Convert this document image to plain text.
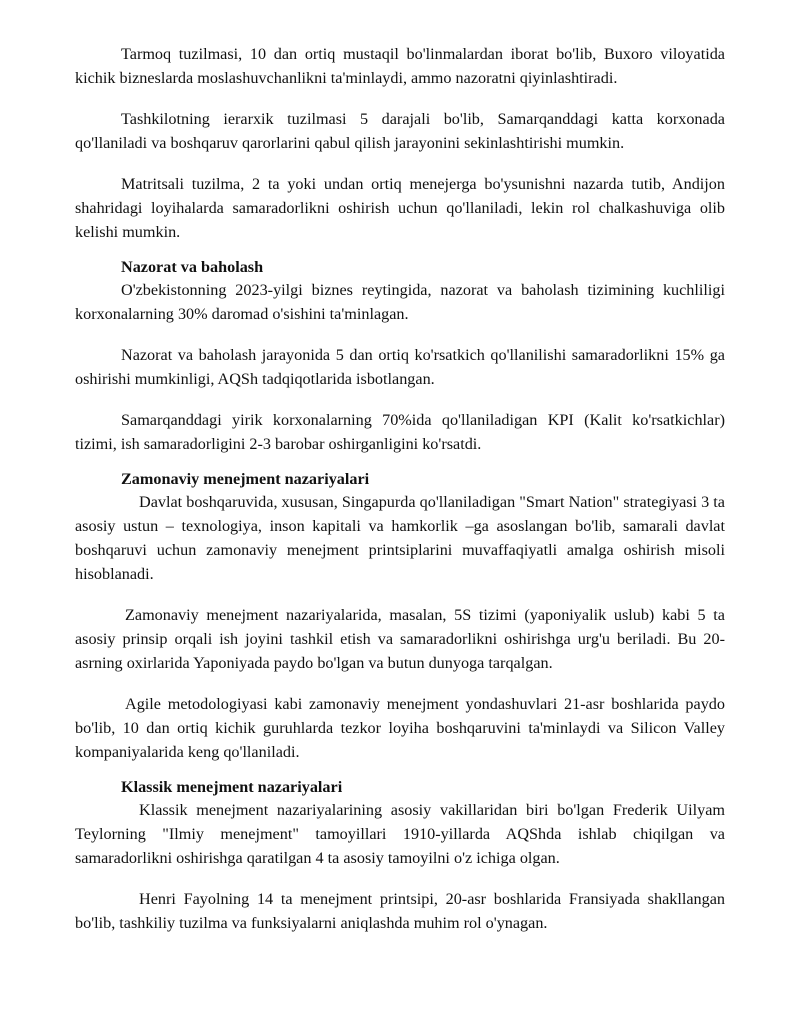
Tarmoq tuzilmasi, 10 dan ortiq mustaqil bo'linmalardan iborat bo'lib, Buxoro viloyatida kichik bizneslarda moslashuvchanlikni ta'minlaydi, ammo nazoratni qiyinlashtiradi.

Tashkilotning ierarxik tuzilmasi 5 darajali bo'lib, Samarqanddagi katta korxonada qo'llaniladi va boshqaruv qarorlarini qabul qilish jarayonini sekinlashtirishi mumkin.

Matritsali tuzilma, 2 ta yoki undan ortiq menejerga bo'ysunishni nazarda tutib, Andijon shahridagi loyihalarda samaradorlikni oshirish uchun qo'llaniladi, lekin rol chalkashuviga olib kelishi mumkin.

Nazorat va baholash

O'zbekistonning 2023-yilgi biznes reytingida, nazorat va baholash tizimining kuchliligi korxonalarning 30% daromad o'sishini ta'minlagan.

Nazorat va baholash jarayonida 5 dan ortiq ko'rsatkich qo'llanilishi samaradorlikni 15% ga oshirishi mumkinligi, AQSh tadqiqotlarida isbotlangan.

Samarqanddagi yirik korxonalarning 70%ida qo'llaniladigan KPI (Kalit ko'rsatkichlar) tizimi, ish samaradorligini 2-3 barobar oshirganligini ko'rsatdi.

Zamonaviy menejment nazariyalari

Davlat boshqaruvida, xususan, Singapurda qo'llaniladigan "Smart Nation" strategiyasi 3 ta asosiy ustun – texnologiya, inson kapitali va hamkorlik –ga asoslangan bo'lib, samarali davlat boshqaruvi uchun zamonaviy menejment printsiplarini muvaffaqiyatli amalga oshirish misoli hisoblanadi.

Zamonaviy menejment nazariyalarida, masalan, 5S tizimi (yaponiyalik uslub) kabi 5 ta asosiy prinsip orqali ish joyini tashkil etish va samaradorlikni oshirishga urg'u beriladi. Bu 20-asrning oxirlarida Yaponiyada paydo bo'lgan va butun dunyoga tarqalgan.

Agile metodologiyasi kabi zamonaviy menejment yondashuvlari 21-asr boshlarida paydo bo'lib, 10 dan ortiq kichik guruhlarda tezkor loyiha boshqaruvini ta'minlaydi va Silicon Valley kompaniyalarida keng qo'llaniladi.

Klassik menejment nazariyalari

Klassik menejment nazariyalarining asosiy vakillaridan biri bo'lgan Frederik Uilyam Teylorning "Ilmiy menejment" tamoyillari 1910-yillarda AQShda ishlab chiqilgan va samaradorlikni oshirishga qaratilgan 4 ta asosiy tamoyilni o'z ichiga olgan.

Henri Fayolning 14 ta menejment printsipi, 20-asr boshlarida Fransiyada shakllangan bo'lib, tashkiliy tuzilma va funksiyalarni aniqlashda muhim rol o'ynagan.
